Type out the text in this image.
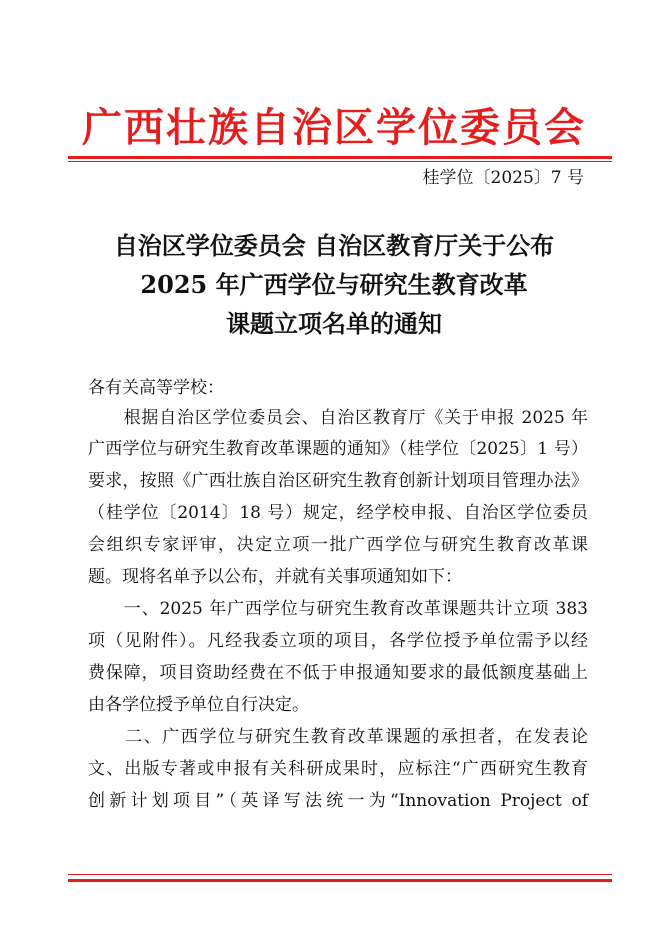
广西壮族自治区学位委员会
桂学位〔2025〕7 号
自治区学位委员会 自治区教育厅关于公布
2025 年广西学位与研究生教育改革
课题立项名单的通知
各有关高等学校：
　　根据自治区学位委员会、自治区教育厅《关于申报 2025 年
广西学位与研究生教育改革课题的通知》（桂学位〔2025〕1 号）
要求，按照《广西壮族自治区研究生教育创新计划项目管理办法》
（桂学位〔2014〕18 号）规定，经学校申报、自治区学位委员
会组织专家评审，决定立项一批广西学位与研究生教育改革课
题。现将名单予以公布，并就有关事项通知如下：
　　一、2025 年广西学位与研究生教育改革课题共计立项 383
项（见附件）。凡经我委立项的项目，各学位授予单位需予以经
费保障，项目资助经费在不低于申报通知要求的最低额度基础上
由各学位授予单位自行决定。
　　二、广西学位与研究生教育改革课题的承担者，在发表论
文、出版专著或申报有关科研成果时，应标注“广西研究生教育
创新计划项目”（英译写法统一为“Innovation Project of
